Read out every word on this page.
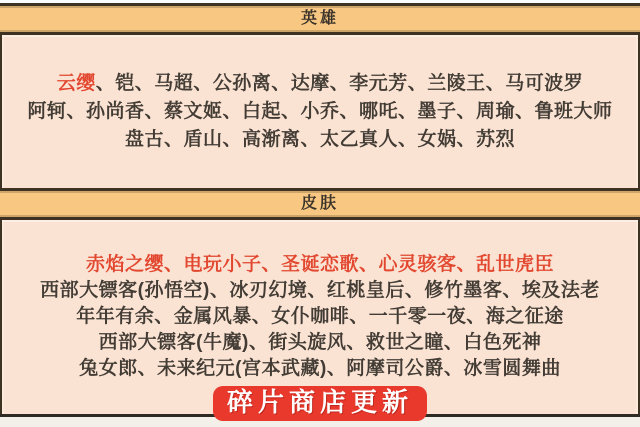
英雄
云缨、铠、马超、公孙离、达摩、李元芳、兰陵王、马可波罗
阿轲、孙尚香、蔡文姬、白起、小乔、哪吒、墨子、周瑜、鲁班大师
盘古、盾山、高渐离、太乙真人、女娲、苏烈
皮肤
赤焰之缨、电玩小子、圣诞恋歌、心灵骇客、乱世虎臣
西部大镖客(孙悟空)、冰刃幻境、红桃皇后、修竹墨客、埃及法老
年年有余、金属风暴、女仆咖啡、一千零一夜、海之征途
西部大镖客(牛魔)、街头旋风、救世之瞳、白色死神
兔女郎、未来纪元(宫本武藏)、阿摩司公爵、冰雪圆舞曲
碎片商店更新
